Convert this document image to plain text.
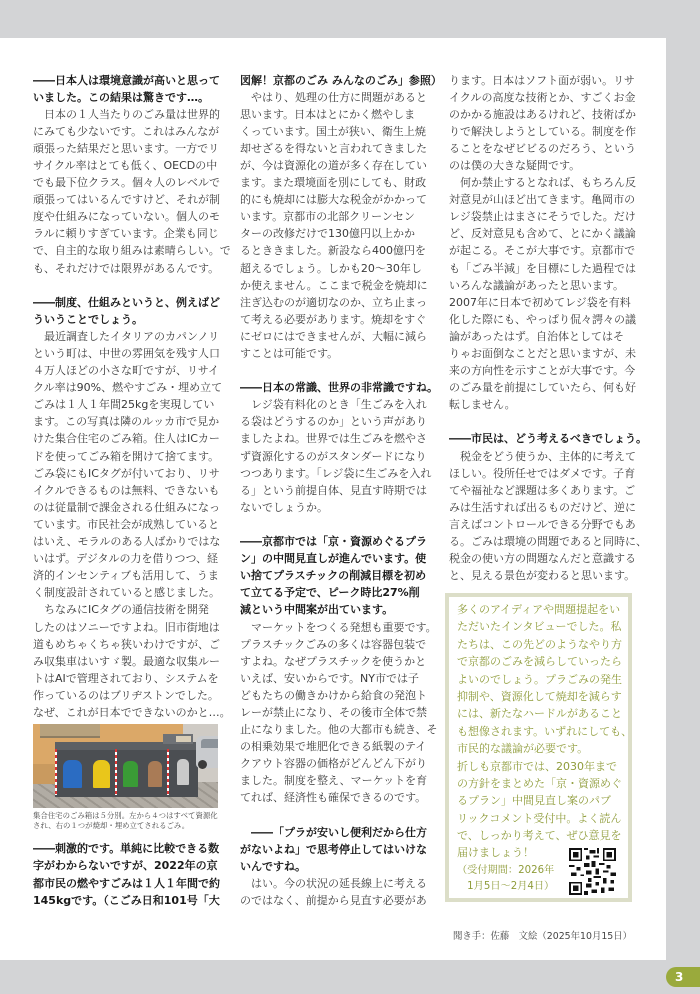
――日本人は環境意識が高いと思って
いました。この結果は驚きです…。
　日本の１人当たりのごみ量は世界的
にみても少ないです。これはみんなが
頑張った結果だと思います。一方でリ
サイクル率はとても低く、OECDの中
でも最下位クラス。個々人のレベルで
頑張ってはいるんですけど、それが制
度や仕組みになっていない。個人のモ
ラルに頼りすぎています。企業も同じ
で、自主的な取り組みは素晴らしい。で
も、それだけでは限界があるんです。
――制度、仕組みというと、例えばど
ういうことでしょう。
　最近調査したイタリアのカパンノリ
という町は、中世の雰囲気を残す人口
４万人ほどの小さな町ですが、リサイ
クル率は90%、燃やすごみ・埋め立て
ごみは１人１年間25kgを実現してい
ます。この写真は隣のルッカ市で見か
けた集合住宅のごみ箱。住人はICカー
ドを使ってごみ箱を開けて捨てます。
ごみ袋にもICタグが付いており、リサ
イクルできるものは無料、できないも
のは従量制で課金される仕組みになっ
ています。市民社会が成熟していると
はいえ、モラルのある人ばかりではな
いはず。デジタルの力を借りつつ、経
済的インセンティブも活用して、うま
く制度設計されていると感じました。
　ちなみにICタグの通信技術を開発
したのはソニーですよね。旧市街地は
道もめちゃくちゃ狭いわけですが、ご
み収集車はいすゞ製。最適な収集ルー
トはAIで管理されており、システムを
作っているのはブリヂストンでした。
なぜ、これが日本でできないのかと…。
集合住宅のごみ箱は５分別。左から４つはすべて資源化
され、右の１つが焼却・埋め立てされるごみ。
――刺激的です。単純に比較できる数
字がわからないですが、2022年の京
都市民の燃やすごみは１人１年間で約
145kgです。（こごみ日和101号「大
図解！京都のごみ みんなのごみ」参照）
　やはり、処理の仕方に問題があると
思います。日本はとにかく燃やしま
くっています。国土が狭い、衛生上焼
却せざるを得ないと言われてきました
が、今は資源化の道が多く存在してい
ます。また環境面を別にしても、財政
的にも焼却には膨大な税金がかかって
います。京都市の北部クリーンセン
ターの改修だけで130億円以上かか
るとききました。新設なら400億円を
超えるでしょう。しかも20～30年し
か使えません。ここまで税金を焼却に
注ぎ込むのが適切なのか、立ち止まっ
て考える必要があります。焼却をすぐ
にゼロにはできませんが、大幅に減ら
すことは可能です。
――日本の常識、世界の非常識ですね。
　レジ袋有料化のとき「生ごみを入れ
る袋はどうするのか」という声があり
ましたよね。世界では生ごみを燃やさ
ず資源化するのがスタンダードになり
つつあります。「レジ袋に生ごみを入れ
る」という前提自体、見直す時期では
ないでしょうか。
――京都市では「京・資源めぐるプラ
ン」の中間見直しが進んでいます。使
い捨てプラスチックの削減目標を初め
て立てる予定で、ピーク時比27%削
減という中間案が出ています。
　マーケットをつくる発想も重要です。
プラスチックごみの多くは容器包装で
すよね。なぜプラスチックを使うかと
いえば、安いからです。NY市では子
どもたちの働きかけから給食の発泡ト
レーが禁止になり、その後市全体で禁
止になりました。他の大都市も続き、そ
の相乗効果で堆肥化できる紙製のテイ
クアウト容器の価格がどんどん下がり
ました。制度を整え、マーケットを育
てれば、経済性も確保できるのです。
　――「プラが安いし便利だから仕方
がないよね」で思考停止してはいけな
いんですね。
　はい。今の状況の延長線上に考える
のではなく、前提から見直す必要があ
ります。日本はソフト面が弱い。リサ
イクルの高度な技術とか、すごくお金
のかかる施設はあるけれど、技術ばか
りで解決しようとしている。制度を作
ることをなぜビビるのだろう、という
のは僕の大きな疑問です。
　何か禁止するとなれば、もちろん反
対意見が山ほど出てきます。亀岡市の
レジ袋禁止はまさにそうでした。だけ
ど、反対意見も含めて、とにかく議論
が起こる。そこが大事です。京都市で
も「ごみ半減」を目標にした過程では
いろんな議論があったと思います。
2007年に日本で初めてレジ袋を有料
化した際にも、やっぱり侃々諤々の議
論があったはず。自治体としてはそ
りゃお面倒なことだと思いますが、未
来の方向性を示すことが大事です。今
のごみ量を前提にしていたら、何も好
転しません。
――市民は、どう考えるべきでしょう。
　税金をどう使うか、主体的に考えて
ほしい。役所任せではダメです。子育
てや福祉など課題は多くあります。ご
みは生活すれば出るものだけど、逆に
言えばコントロールできる分野でもあ
る。ごみは環境の問題であると同時に、
税金の使い方の問題なんだと意識する
と、見える景色が変わると思います。
多くのアイディアや問題提起をい
ただいたインタビューでした。私
たちは、この先どのようなやり方
で京都のごみを減らしていったら
よいのでしょう。プラごみの発生
抑制や、資源化して焼却を減らす
には、新たなハードルがあること
も想像されます。いずれにしても、
市民的な議論が必要です。
折しも京都市では、2030年まで
の方針をまとめた「京・資源めぐ
るプラン」中間見直し案のパブ
リックコメント受付中。よく読ん
で、しっかり考えて、ぜひ意見を
届けましょう！
（受付期間：2026年
　1月5日～2月4日）
聞き手：佐藤　文絵（2025年10月15日）
3
